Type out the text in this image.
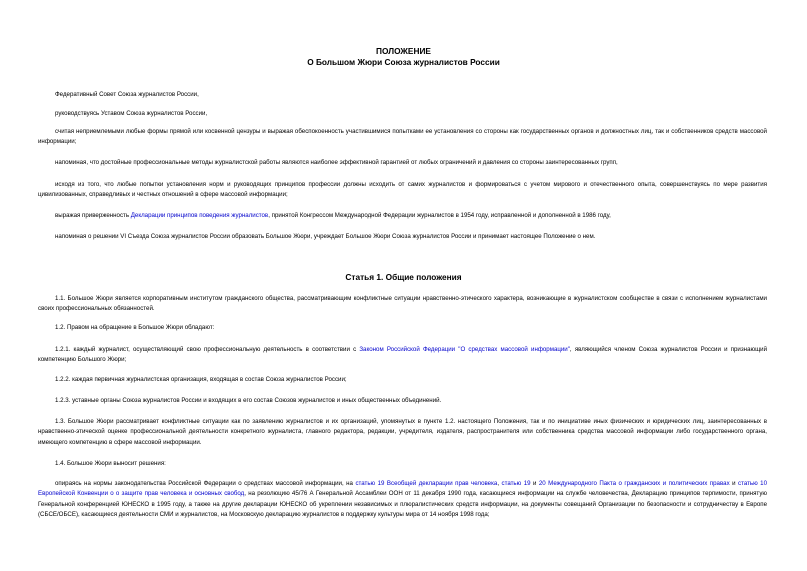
ПОЛОЖЕНИЕ
О Большом Жюри Союза журналистов России

Федеративный Совет Союза журналистов России,

руководствуясь Уставом Союза журналистов России,

считая неприемлемыми любые формы прямой или косвенной цензуры и выражая обеспокоенность участившимися попытками ее установления со стороны как государственных органов и должностных лиц, так и собственников средств массовой информации;

напоминая, что достойные профессиональные методы журналистской работы являются наиболее эффективной гарантией от любых ограничений и давления со стороны заинтересованных групп,

исходя из того, что любые попытки установления норм и руководящих принципов профессии должны исходить от самих журналистов и формироваться с учетом мирового и отечественного опыта, совершенствуясь по мере развития цивилизованных, справедливых и честных отношений в сфере массовой информации;

выражая приверженность Декларации принципов поведения журналистов, принятой Конгрессом Международной Федерации журналистов в 1954 году, исправленной и дополненной в 1986 году,

напоминая о решении VI Съезда Союза журналистов России образовать Большое Жюри, учреждает Большое Жюри Союза журналистов России и принимает настоящее Положение о нем.

Статья 1. Общие положения

1.1. Большое Жюри является корпоративным институтом гражданского общества, рассматривающим конфликтные ситуации нравственно-этического характера, возникающие в журналистском сообществе в связи с исполнением журналистами своих профессиональных обязанностей.

1.2. Правом на обращение в Большое Жюри обладают:

1.2.1. каждый журналист, осуществляющий свою профессиональную деятельность в соответствии с Законом Российской Федерации "О средствах массовой информации", являющийся членом Союза журналистов России и признающий компетенцию Большого Жюри;

1.2.2. каждая первичная журналистская организация, входящая в состав Союза журналистов России;

1.2.3. уставные органы Союза журналистов России и входящих в его состав Союзов журналистов и иных общественных объединений.

1.3. Большое Жюри рассматривает конфликтные ситуации как по заявлению журналистов и их организаций, упомянутых в пункте 1.2. настоящего Положения, так и по инициативе иных физических и юридических лиц, заинтересованных в нравственно-этической оценке профессиональной деятельности конкретного журналиста, главного редактора, редакции, учредителя, издателя, распространителя или собственника средства массовой информации либо государственного органа, имеющего компетенцию в сфере массовой информации.

1.4. Большое Жюри выносит решения:

опираясь на нормы законодательства Российской Федерации о средствах массовой информации, на статью 19 Всеобщей декларации прав человека, статью 19 и 20 Международного Пакта о гражданских и политических правах и статью 10 Европейской Конвенции о о защите прав человека и основных свобод, на резолюцию 45/76 А Генеральной Ассамблеи ООН от 11 декабря 1990 года, касающиеся информации на службе человечества, Декларацию принципов терпимости, принятую Генеральной конференцией ЮНЕСКО в 1995 году, а также на другие декларации ЮНЕСКО об укреплении независимых и плюралистических средств информации, на документы совещаний Организации по безопасности и сотрудничеству в Европе (СБСЕ/ОБСЕ), касающиеся деятельности СМИ и журналистов, на Московскую декларацию журналистов в поддержку культуры мира от 14 ноября 1998 года;
